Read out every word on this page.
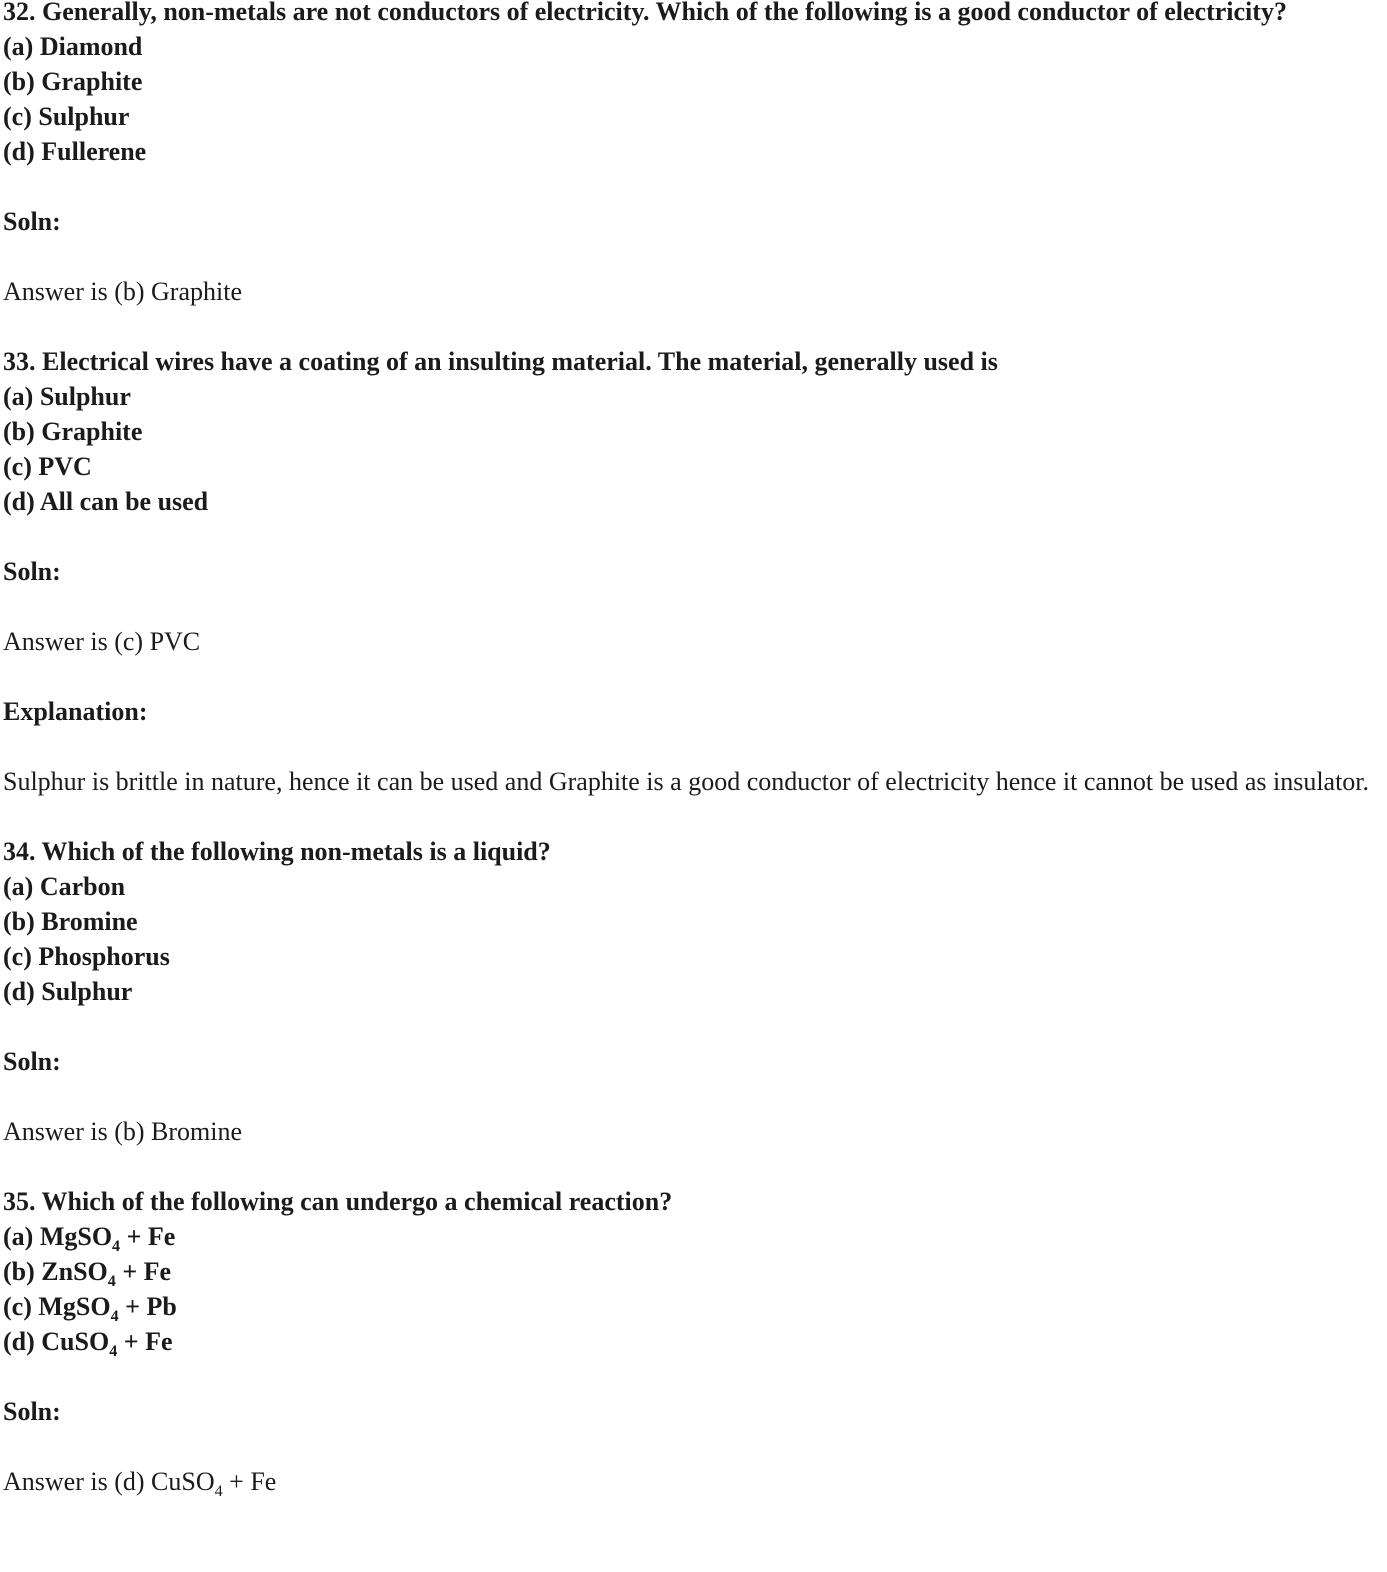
32. Generally, non-metals are not conductors of electricity. Which of the following is a good conductor of electricity?

(a) Diamond

(b) Graphite

(c) Sulphur

(d) Fullerene

Soln:

Answer is (b) Graphite

33. Electrical wires have a coating of an insulting material. The material, generally used is

(a) Sulphur

(b) Graphite

(c) PVC

(d) All can be used

Soln:

Answer is (c) PVC

Explanation:

Sulphur is brittle in nature, hence it can be used and Graphite is a good conductor of electricity hence it cannot be used as insulator.

34. Which of the following non-metals is a liquid?

(a) Carbon

(b) Bromine

(c) Phosphorus

(d) Sulphur

Soln:

Answer is (b) Bromine

35. Which of the following can undergo a chemical reaction?

(a) MgSO$_4$ + Fe

(b) ZnSO$_4$ + Fe

(c) MgSO$_4$ + Pb

(d) CuSO$_4$ + Fe

Soln:

Answer is (d) CuSO$_4$ + Fe
